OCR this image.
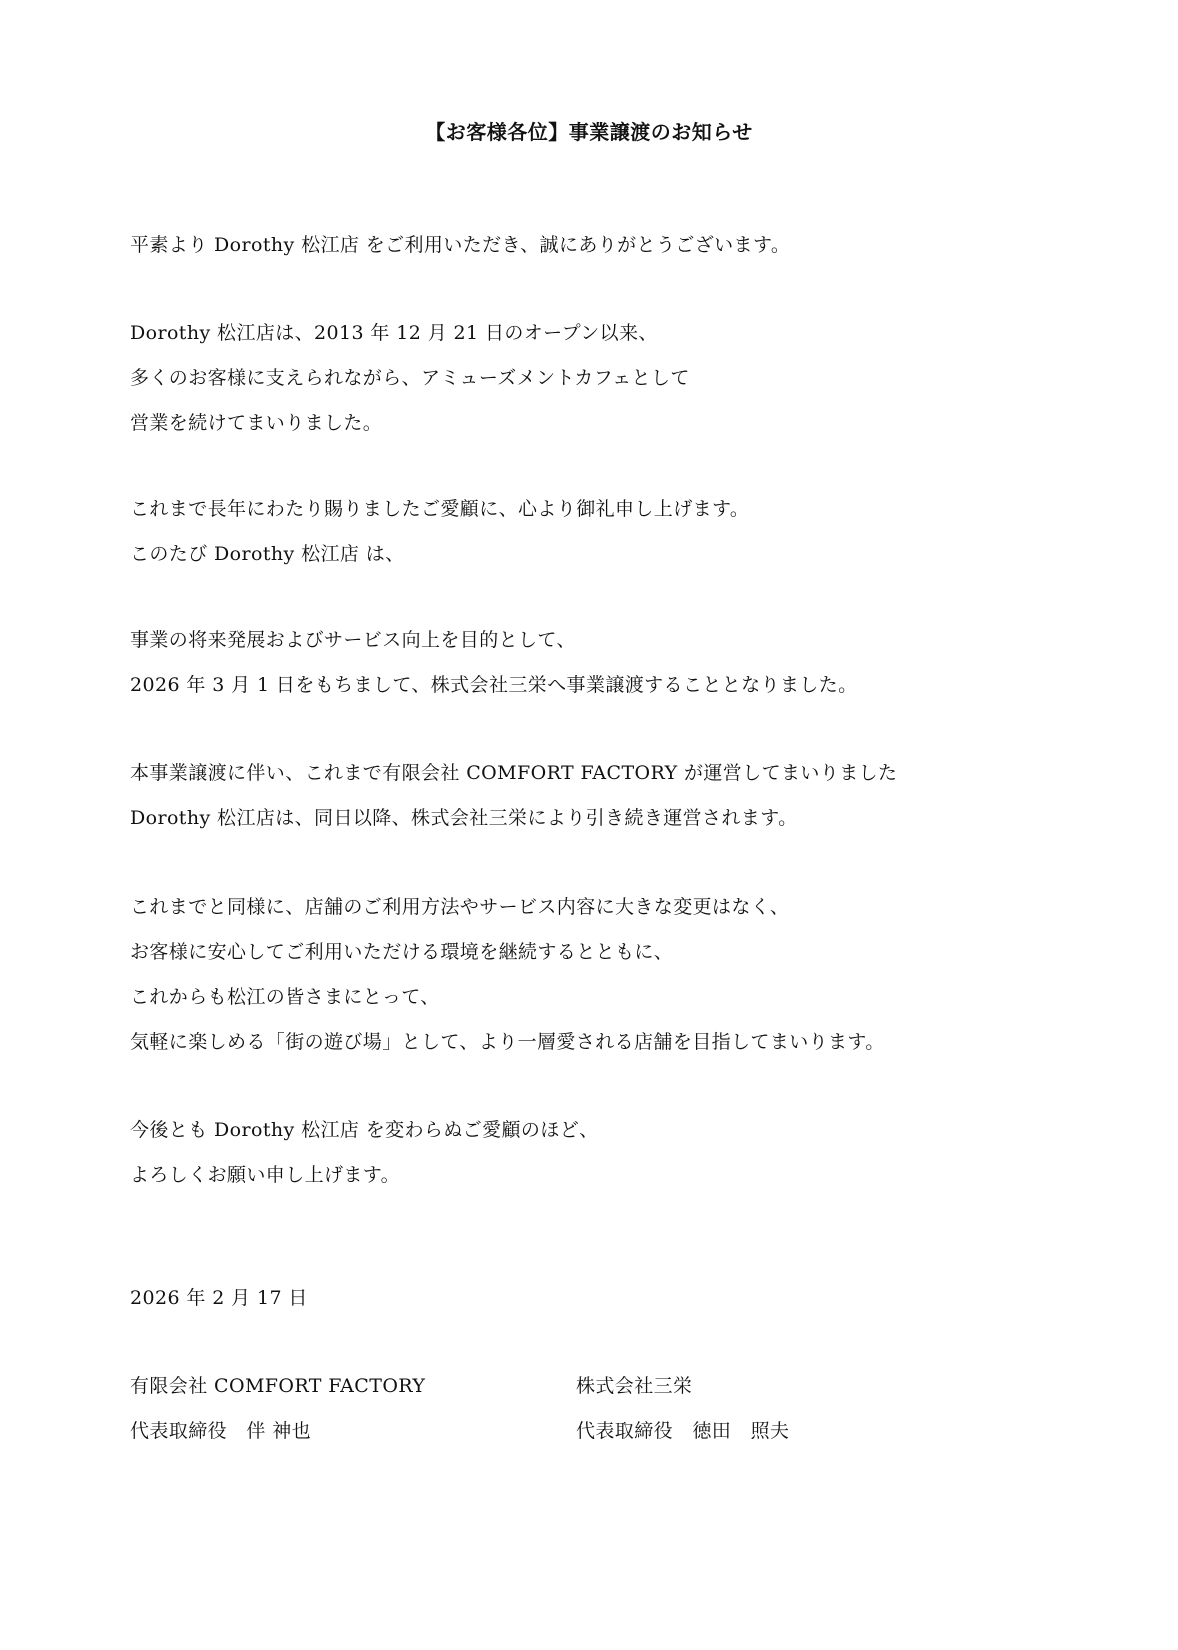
【お客様各位】事業譲渡のお知らせ
平素より Dorothy 松江店 をご利用いただき、誠にありがとうございます。
Dorothy 松江店は、2013 年 12 月 21 日のオープン以来、
多くのお客様に支えられながら、アミューズメントカフェとして
営業を続けてまいりました。
これまで長年にわたり賜りましたご愛顧に、心より御礼申し上げます。
このたび Dorothy 松江店 は、
事業の将来発展およびサービス向上を目的として、
2026 年 3 月 1 日をもちまして、株式会社三栄へ事業譲渡することとなりました。
本事業譲渡に伴い、これまで有限会社 COMFORT FACTORY が運営してまいりました
Dorothy 松江店は、同日以降、株式会社三栄により引き続き運営されます。
これまでと同様に、店舗のご利用方法やサービス内容に大きな変更はなく、
お客様に安心してご利用いただける環境を継続するとともに、
これからも松江の皆さまにとって、
気軽に楽しめる「街の遊び場」として、より一層愛される店舗を目指してまいります。
今後とも Dorothy 松江店 を変わらぬご愛顧のほど、
よろしくお願い申し上げます。
2026 年 2 月 17 日
有限会社 COMFORT FACTORY
代表取締役　伴 神也
株式会社三栄
代表取締役　徳田　照夫
